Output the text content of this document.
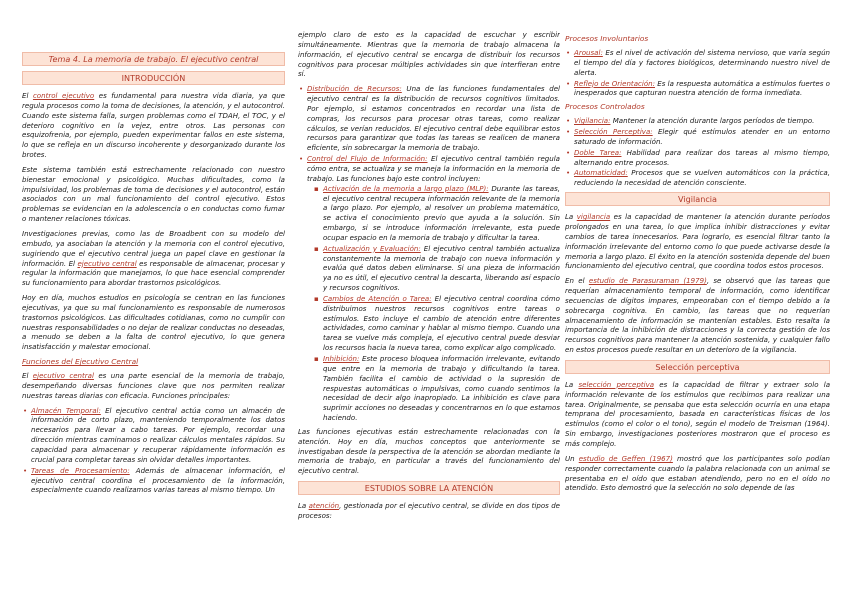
Tema 4. La memoria de trabajo. El ejecutivo central
INTRODUCCIÓN

El control ejecutivo es fundamental para nuestra vida diaria, ya que regula procesos como la toma de decisiones, la atención, y el autocontrol. Cuando este sistema falla, surgen problemas como el TDAH, el TOC, y el deterioro cognitivo en la vejez, entre otros. Las personas con esquizofrenia, por ejemplo, pueden experimentar fallos en este sistema, lo que se refleja en un discurso incoherente y desorganizado durante los brotes.

Este sistema también está estrechamente relacionado con nuestro bienestar emocional y psicológico. Muchas dificultades, como la impulsividad, los problemas de toma de decisiones y el autocontrol, están asociados con un mal funcionamiento del control ejecutivo. Estos problemas se evidencian en la adolescencia o en conductas como fumar o mantener relaciones tóxicas.

Investigaciones previas, como las de Broadbent con su modelo del embudo, ya asociaban la atención y la memoria con el control ejecutivo, sugiriendo que el ejecutivo central juega un papel clave en gestionar la información. El ejecutivo central es responsable de almacenar, procesar y regular la información que manejamos, lo que hace esencial comprender su funcionamiento para abordar trastornos psicológicos.

Hoy en día, muchos estudios en psicología se centran en las funciones ejecutivas, ya que su mal funcionamiento es responsable de numerosos trastornos psicológicos. Las dificultades cotidianas, como no cumplir con nuestras responsabilidades o no dejar de realizar conductas no deseadas, a menudo se deben a la falta de control ejecutivo, lo que genera insatisfacción y malestar emocional.

Funciones del Ejecutivo Central

El ejecutivo central es una parte esencial de la memoria de trabajo, desempeñando diversas funciones clave que nos permiten realizar nuestras tareas diarias con eficacia. Funciones principales:

• Almacén Temporal: El ejecutivo central actúa como un almacén de información de corto plazo, manteniendo temporalmente los datos necesarios para llevar a cabo tareas. Por ejemplo, recordar una dirección mientras caminamos o realizar cálculos mentales rápidos. Su capacidad para almacenar y recuperar rápidamente información es crucial para completar tareas sin olvidar detalles importantes.
• Tareas de Procesamiento: Además de almacenar información, el ejecutivo central coordina el procesamiento de la información, especialmente cuando realizamos varias tareas al mismo tiempo. Un

ejemplo claro de esto es la capacidad de escuchar y escribir simultáneamente. Mientras que la memoria de trabajo almacena la información, el ejecutivo central se encarga de distribuir los recursos cognitivos para procesar múltiples actividades sin que interfieran entre sí.

• Distribución de Recursos: Una de las funciones fundamentales del ejecutivo central es la distribución de recursos cognitivos limitados. Por ejemplo, si estamos concentrados en recordar una lista de compras, los recursos para procesar otras tareas, como realizar cálculos, se verían reducidos. El ejecutivo central debe equilibrar estos recursos para garantizar que todas las tareas se realicen de manera eficiente, sin sobrecargar la memoria de trabajo.
• Control del Flujo de Información: El ejecutivo central también regula cómo entra, se actualiza y se maneja la información en la memoria de trabajo. Las funciones bajo este control incluyen:
▪ Activación de la memoria a largo plazo (MLP): Durante las tareas, el ejecutivo central recupera información relevante de la memoria a largo plazo. Por ejemplo, al resolver un problema matemático, se activa el conocimiento previo que ayuda a la solución. Sin embargo, si se introduce información irrelevante, esta puede ocupar espacio en la memoria de trabajo y dificultar la tarea.
▪ Actualización y Evaluación: El ejecutivo central también actualiza constantemente la memoria de trabajo con nueva información y evalúa qué datos deben eliminarse. Si una pieza de información ya no es útil, el ejecutivo central la descarta, liberando así espacio y recursos cognitivos.
▪ Cambios de Atención o Tarea: El ejecutivo central coordina cómo distribuimos nuestros recursos cognitivos entre tareas o estímulos. Esto incluye el cambio de atención entre diferentes actividades, como caminar y hablar al mismo tiempo. Cuando una tarea se vuelve más compleja, el ejecutivo central puede desviar los recursos hacia la nueva tarea, como explicar algo complicado.
▪ Inhibición: Este proceso bloquea información irrelevante, evitando que entre en la memoria de trabajo y dificultando la tarea. También facilita el cambio de actividad o la supresión de respuestas automáticas o impulsivas, como cuando sentimos la necesidad de decir algo inapropiado. La inhibición es clave para suprimir acciones no deseadas y concentrarnos en lo que estamos haciendo.

Las funciones ejecutivas están estrechamente relacionadas con la atención. Hoy en día, muchos conceptos que anteriormente se investigaban desde la perspectiva de la atención se abordan mediante la memoria de trabajo, en particular a través del funcionamiento del ejecutivo central.

ESTUDIOS SOBRE LA ATENCIÓN

La atención, gestionada por el ejecutivo central, se divide en dos tipos de procesos:

Procesos Involuntarios
• Arousal: Es el nivel de activación del sistema nervioso, que varía según el tiempo del día y factores biológicos, determinando nuestro nivel de alerta.
• Reflejo de Orientación: Es la respuesta automática a estímulos fuertes o inesperados que capturan nuestra atención de forma inmediata.
Procesos Controlados
• Vigilancia: Mantener la atención durante largos períodos de tiempo.
• Selección Perceptiva: Elegir qué estímulos atender en un entorno saturado de información.
• Doble Tarea: Habilidad para realizar dos tareas al mismo tiempo, alternando entre procesos.
• Automaticidad: Procesos que se vuelven automáticos con la práctica, reduciendo la necesidad de atención consciente.
Vigilancia

La vigilancia es la capacidad de mantener la atención durante períodos prolongados en una tarea, lo que implica inhibir distracciones y evitar cambios de tarea innecesarios. Para lograrlo, es esencial filtrar tanto la información irrelevante del entorno como lo que puede activarse desde la memoria a largo plazo. El éxito en la atención sostenida depende del buen funcionamiento del ejecutivo central, que coordina todos estos procesos.

En el estudio de Parasuraman (1979), se observó que las tareas que requerían almacenamiento temporal de información, como identificar secuencias de dígitos impares, empeoraban con el tiempo debido a la sobrecarga cognitiva. En cambio, las tareas que no requerían almacenamiento de información se mantenían estables. Esto resalta la importancia de la inhibición de distracciones y la correcta gestión de los recursos cognitivos para mantener la atención sostenida, y cualquier fallo en estos procesos puede resultar en un deterioro de la vigilancia.

Selección perceptiva

La selección perceptiva es la capacidad de filtrar y extraer solo la información relevante de los estímulos que recibimos para realizar una tarea. Originalmente, se pensaba que esta selección ocurría en una etapa temprana del procesamiento, basada en características físicas de los estímulos (como el color o el tono), según el modelo de Treisman (1964). Sin embargo, investigaciones posteriores mostraron que el proceso es más complejo.

Un estudio de Geffen (1967) mostró que los participantes solo podían responder correctamente cuando la palabra relacionada con un animal se presentaba en el oído que estaban atendiendo, pero no en el oído no atendido. Esto demostró que la selección no solo depende de las
